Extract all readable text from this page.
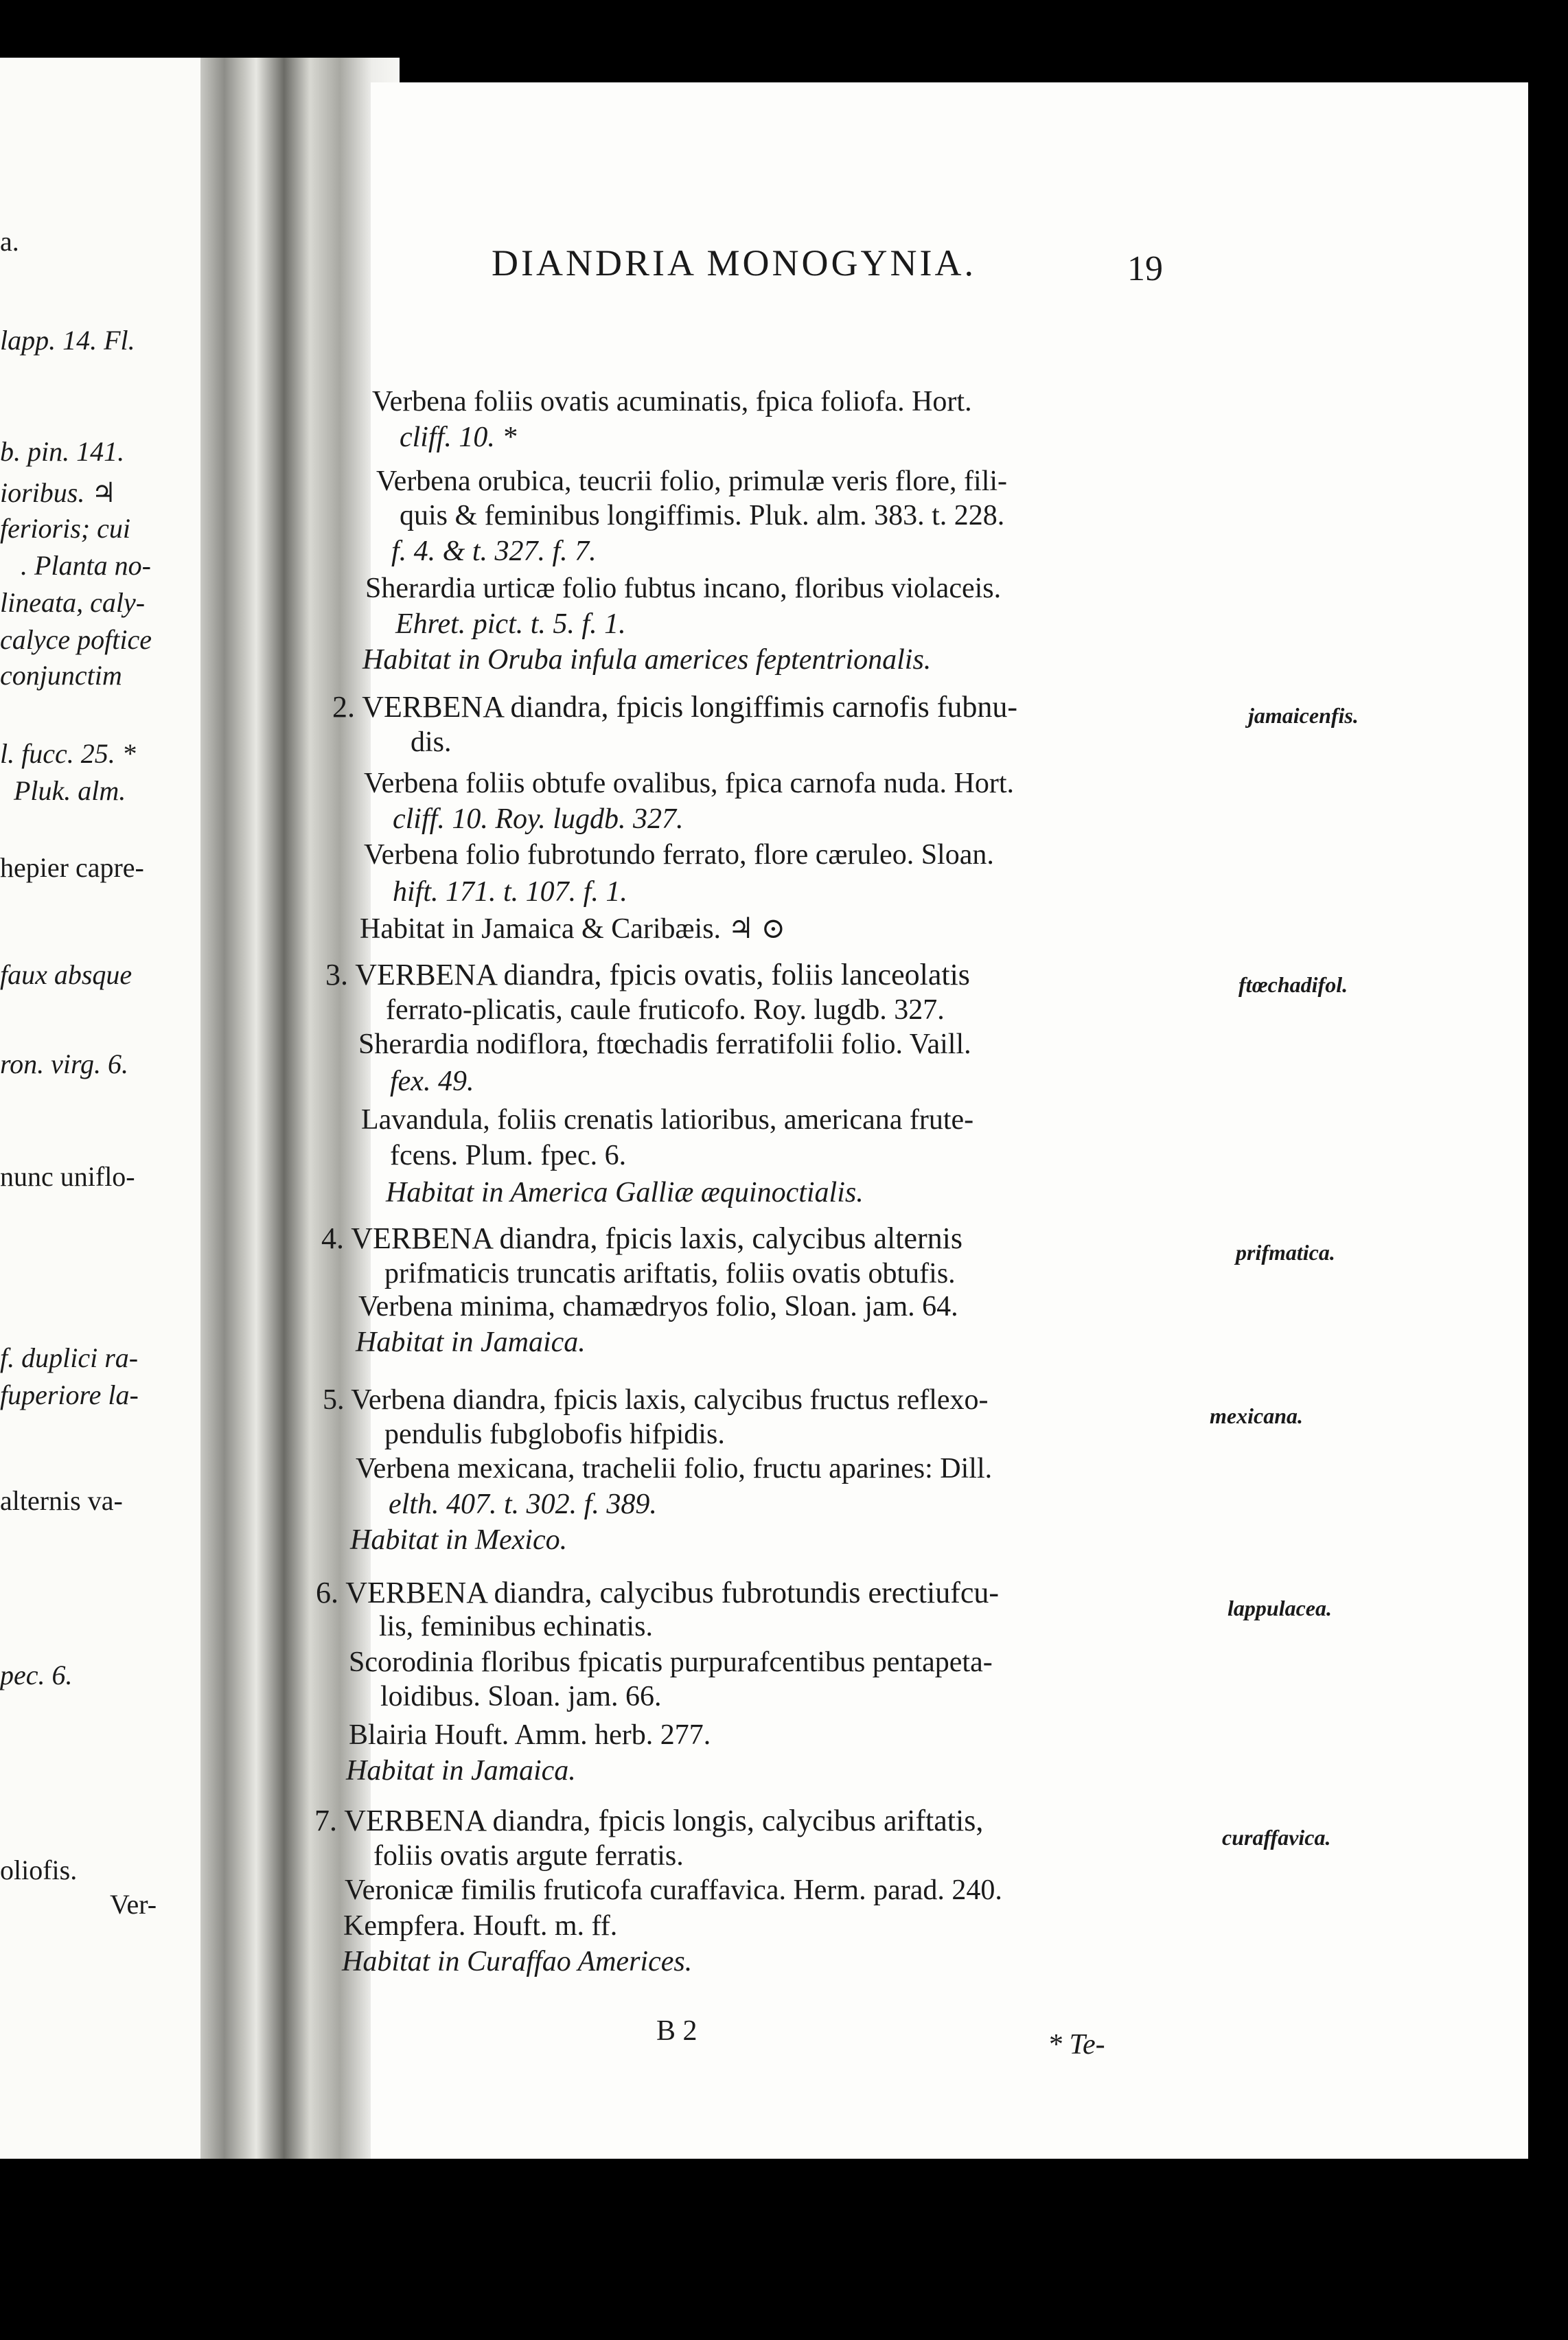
a.
lapp. 14. Fl.
b. pin. 141.
ioribus. ♃
ferioris; cui
. Planta no-
lineata, caly-
calyce poftice
conjunctim
l. fucc. 25. *
Pluk. alm.
hepier capre-
faux absque
ron. virg. 6.
nunc uniflo-
f. duplici ra-
fuperiore la-
alternis va-
pec. 6.
oliofis.
Ver-
DIANDRIA MONOGYNIA.	19
Verbena foliis ovatis acuminatis, fpica foliofa. Hort.
cliff. 10. *
Verbena orubica, teucrii folio, primulæ veris flore, fili-
quis & feminibus longiffimis. Pluk. alm. 383. t. 228.
f. 4. & t. 327. f. 7.
Sherardia urticæ folio fubtus incano, floribus violaceis.
Ehret. pict. t. 5. f. 1.
Habitat in Oruba infula americes feptentrionalis.
2. VERBENA diandra, fpicis longiffimis carnofis fubnu-	jamaicenfis.
dis.
Verbena foliis obtufe ovalibus, fpica carnofa nuda. Hort.
cliff. 10. Roy. lugdb. 327.
Verbena folio fubrotundo ferrato, flore cæruleo. Sloan.
hift. 171. t. 107. f. 1.
Habitat in Jamaica & Caribæis. ♃ ⊙
3. VERBENA diandra, fpicis ovatis, foliis lanceolatis	ftœchadifol.
ferrato-plicatis, caule fruticofo. Roy. lugdb. 327.
Sherardia nodiflora, ftœchadis ferratifolii folio. Vaill.
fex. 49.
Lavandula, foliis crenatis latioribus, americana frute-
fcens. Plum. fpec. 6.
Habitat in America Galliæ æquinoctialis.
4. VERBENA diandra, fpicis laxis, calycibus alternis	prifmatica.
prifmaticis truncatis ariftatis, foliis ovatis obtufis.
Verbena minima, chamædryos folio, Sloan. jam. 64.
Habitat in Jamaica.
5. Verbena diandra, fpicis laxis, calycibus fructus reflexo-	mexicana.
pendulis fubglobofis hifpidis.
Verbena mexicana, trachelii folio, fructu aparines: Dill.
elth. 407. t. 302. f. 389.
Habitat in Mexico.
6. VERBENA diandra, calycibus fubrotundis erectiufcu-	lappulacea.
lis, feminibus echinatis.
Scorodinia floribus fpicatis purpurafcentibus pentapeta-
loidibus. Sloan. jam. 66.
Blairia Houft. Amm. herb. 277.
Habitat in Jamaica.
7. VERBENA diandra, fpicis longis, calycibus ariftatis,	curaffavica.
foliis ovatis argute ferratis.
Veronicæ fimilis fruticofa curaffavica. Herm. parad. 240.
Kempfera. Houft. m. ff.
Habitat in Curaffao Americes.
B 2	* Te-
